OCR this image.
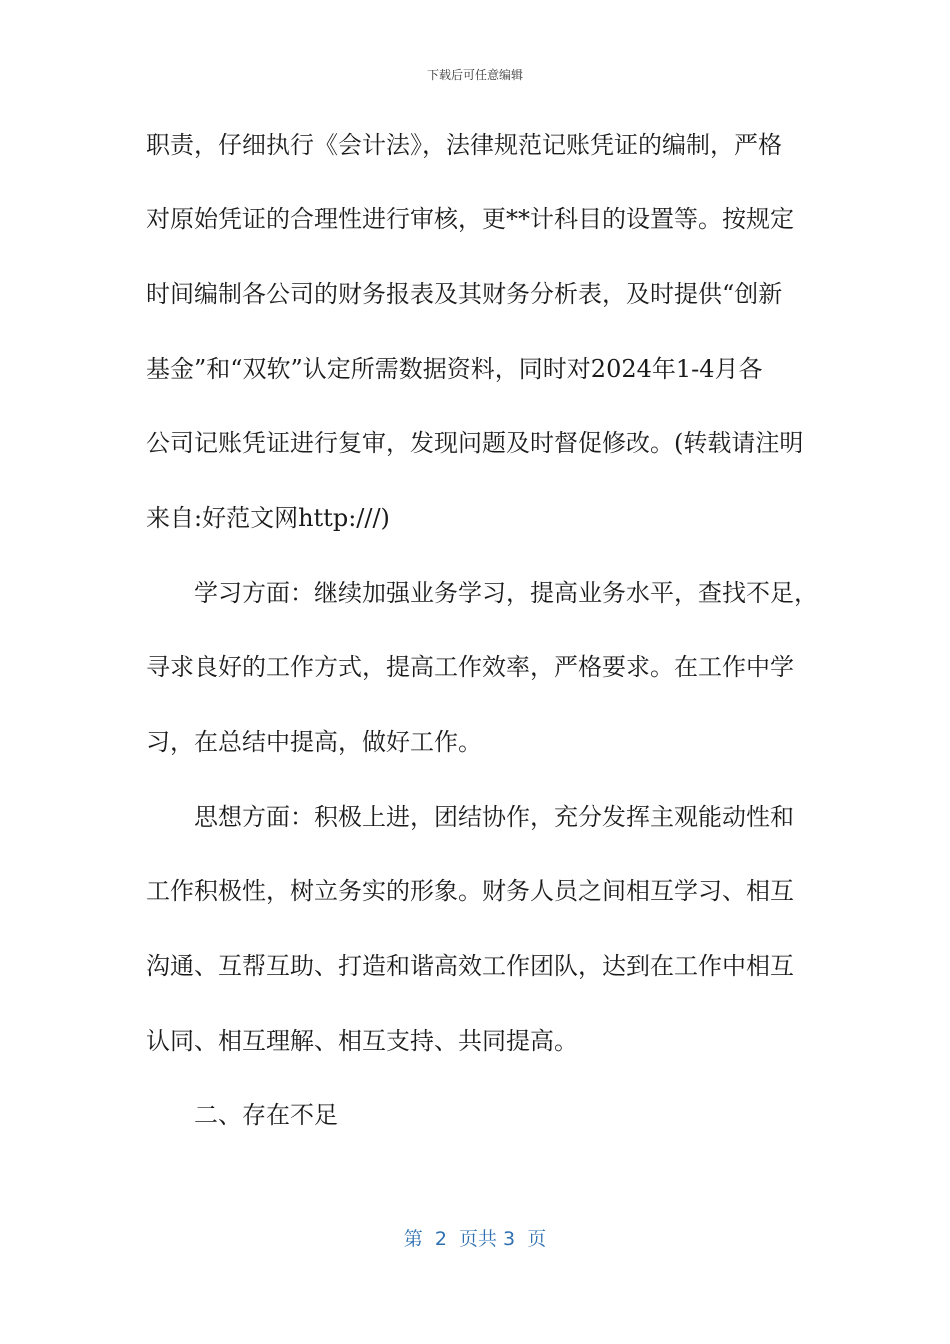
下载后可任意编辑
职责，仔细执行《会计法》，法律规范记账凭证的编制，严格
对原始凭证的合理性进行审核，更**计科目的设置等。按规定
时间编制各公司的财务报表及其财务分析表，及时提供“创新
基金”和“双软”认定所需数据资料，同时对2024年1-4月各
公司记账凭证进行复审，发现问题及时督促修改。(转载请注明
来自:好范文网http:///)
学习方面：继续加强业务学习，提高业务水平，查找不足，
寻求良好的工作方式，提高工作效率，严格要求。在工作中学
习，在总结中提高，做好工作。
思想方面：积极上进，团结协作，充分发挥主观能动性和
工作积极性，树立务实的形象。财务人员之间相互学习、相互
沟通、互帮互助、打造和谐高效工作团队，达到在工作中相互
认同、相互理解、相互支持、共同提高。
二、存在不足
第  2  页共 3  页
